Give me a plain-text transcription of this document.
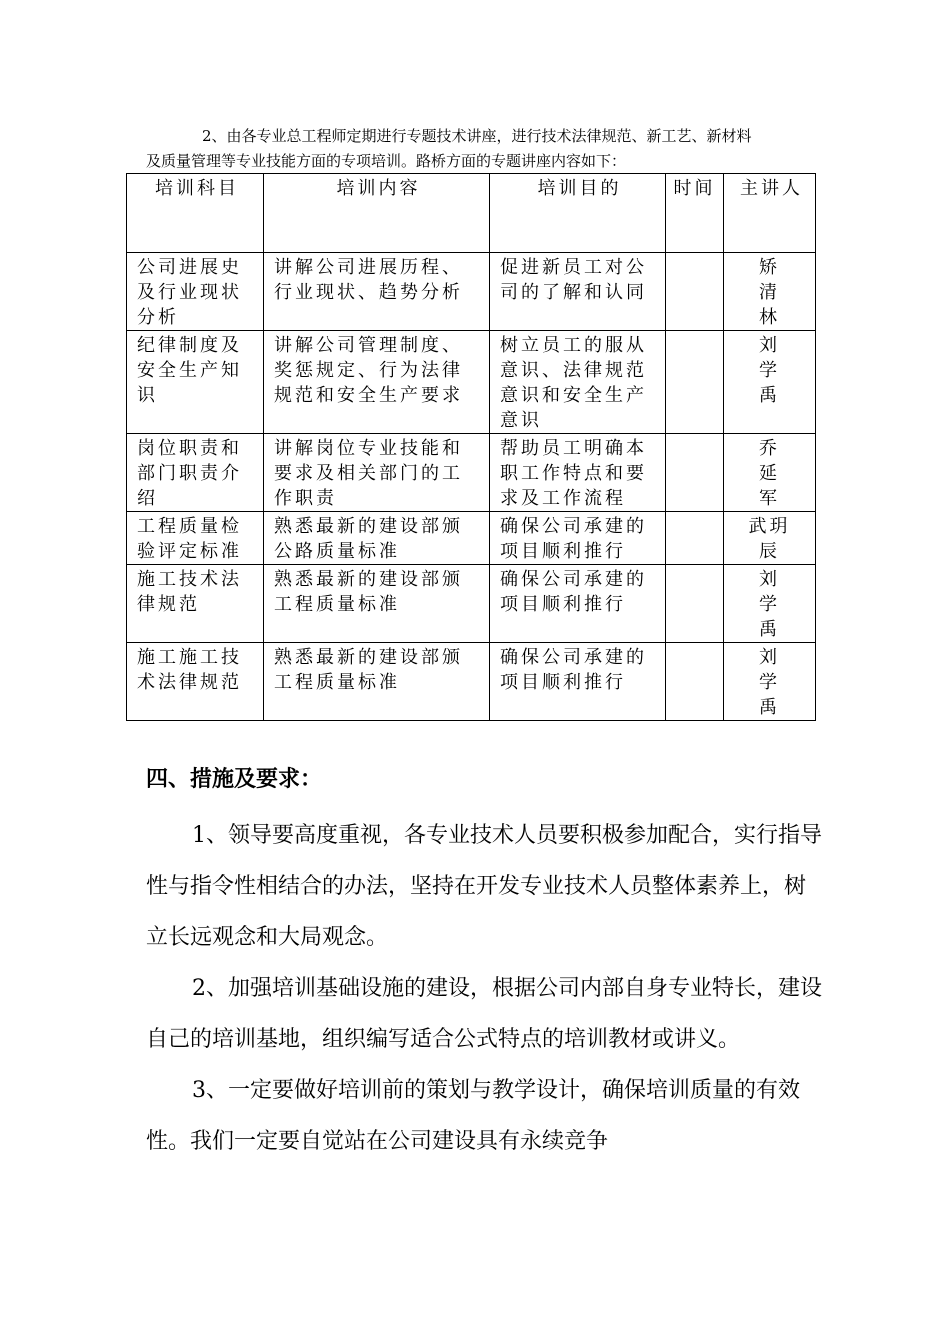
2、由各专业总工程师定期进行专题技术讲座，进行技术法律规范、新工艺、新材料

及质量管理等专业技能方面的专项培训。路桥方面的专题讲座内容如下：

培训科目	培训内容	培训目的	时间	主讲人
公司进展史及行业现状分析	讲解公司进展历程、行业现状、趋势分析	促进新员工对公司的了解和认同		矫
清
林

纪律制度及安全生产知识	讲解公司管理制度、奖惩规定、行为法律规范和安全生产要求	树立员工的服从意识、法律规范意识和安全生产意识		刘
学
禹

岗位职责和部门职责介绍	讲解岗位专业技能和要求及相关部门的工作职责	帮助员工明确本职工作特点和要求及工作流程		乔
延
军

工程质量检验评定标准	熟悉最新的建设部颁公路质量标准	确保公司承建的项目顺利推行		武玥
辰

施工技术法律规范	熟悉最新的建设部颁工程质量标准	确保公司承建的项目顺利推行		刘
学
禹

施工施工技术法律规范	熟悉最新的建设部颁工程质量标准	确保公司承建的项目顺利推行		刘
学
禹
四、措施及要求：

1、领导要高度重视，各专业技术人员要积极参加配合，实行指导性与指令性相结合的办法，坚持在开发专业技术人员整体素养上，树立长远观念和大局观念。

2、加强培训基础设施的建设，根据公司内部自身专业特长，建设自己的培训基地，组织编写适合公式特点的培训教材或讲义。

3、一定要做好培训前的策划与教学设计，确保培训质量的有效性。我们一定要自觉站在公司建设具有永续竞争
